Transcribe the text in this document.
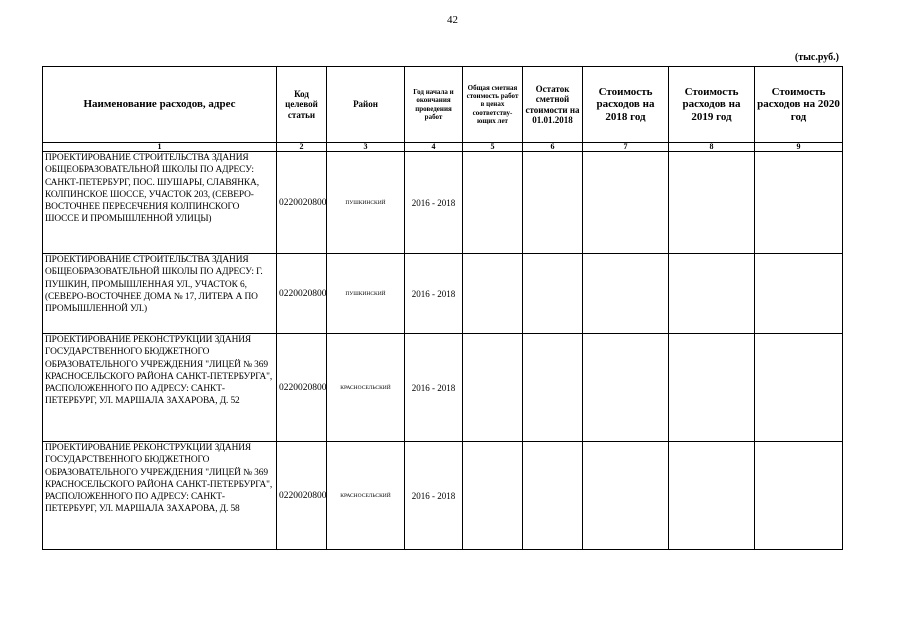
42
(тыс.руб.)
Наименование расходов, адрес	Код целевой статьи	Район	Год начала и окончания проведения работ	Общая сметная стоимость работ в ценах соответству-ющих лет	Остаток сметной стоимости на 01.01.2018	Стоимость расходов на 2018 год	Стоимость расходов на 2019 год	Стоимость расходов на 2020 год
1	2	3	4	5	6	7	8	9
ПРОЕКТИРОВАНИЕ СТРОИТЕЛЬСТВА ЗДАНИЯ ОБЩЕОБРАЗОВАТЕЛЬНОЙ ШКОЛЫ ПО АДРЕСУ: САНКТ-ПЕТЕРБУРГ, ПОС. ШУШАРЫ, СЛАВЯНКА, КОЛПИНСКОЕ ШОССЕ, УЧАСТОК 203, (СЕВЕРО-ВОСТОЧНЕЕ ПЕРЕСЕЧЕНИЯ КОЛПИНСКОГО ШОССЕ И ПРОМЫШЛЕННОЙ УЛИЦЫ)	0220020800	ПУШКИНСКИЙ	2016 - 2018					
ПРОЕКТИРОВАНИЕ СТРОИТЕЛЬСТВА ЗДАНИЯ ОБЩЕОБРАЗОВАТЕЛЬНОЙ ШКОЛЫ ПО АДРЕСУ: Г. ПУШКИН, ПРОМЫШЛЕННАЯ УЛ., УЧАСТОК 6, (СЕВЕРО-ВОСТОЧНЕЕ ДОМА № 17, ЛИТЕРА А ПО ПРОМЫШЛЕННОЙ УЛ.)	0220020800	ПУШКИНСКИЙ	2016 - 2018					
ПРОЕКТИРОВАНИЕ РЕКОНСТРУКЦИИ ЗДАНИЯ ГОСУДАРСТВЕННОГО БЮДЖЕТНОГО ОБРАЗОВАТЕЛЬНОГО УЧРЕЖДЕНИЯ "ЛИЦЕЙ № 369 КРАСНОСЕЛЬСКОГО РАЙОНА САНКТ-ПЕТЕРБУРГА", РАСПОЛОЖЕННОГО ПО АДРЕСУ: САНКТ-ПЕТЕРБУРГ, УЛ. МАРШАЛА ЗАХАРОВА, Д. 52	0220020800	КРАСНОСЕЛЬСКИЙ	2016 - 2018					
ПРОЕКТИРОВАНИЕ РЕКОНСТРУКЦИИ ЗДАНИЯ ГОСУДАРСТВЕННОГО БЮДЖЕТНОГО ОБРАЗОВАТЕЛЬНОГО УЧРЕЖДЕНИЯ "ЛИЦЕЙ № 369 КРАСНОСЕЛЬСКОГО РАЙОНА САНКТ-ПЕТЕРБУРГА", РАСПОЛОЖЕННОГО ПО АДРЕСУ: САНКТ-ПЕТЕРБУРГ, УЛ. МАРШАЛА ЗАХАРОВА, Д. 58	0220020800	КРАСНОСЕЛЬСКИЙ	2016 - 2018					
